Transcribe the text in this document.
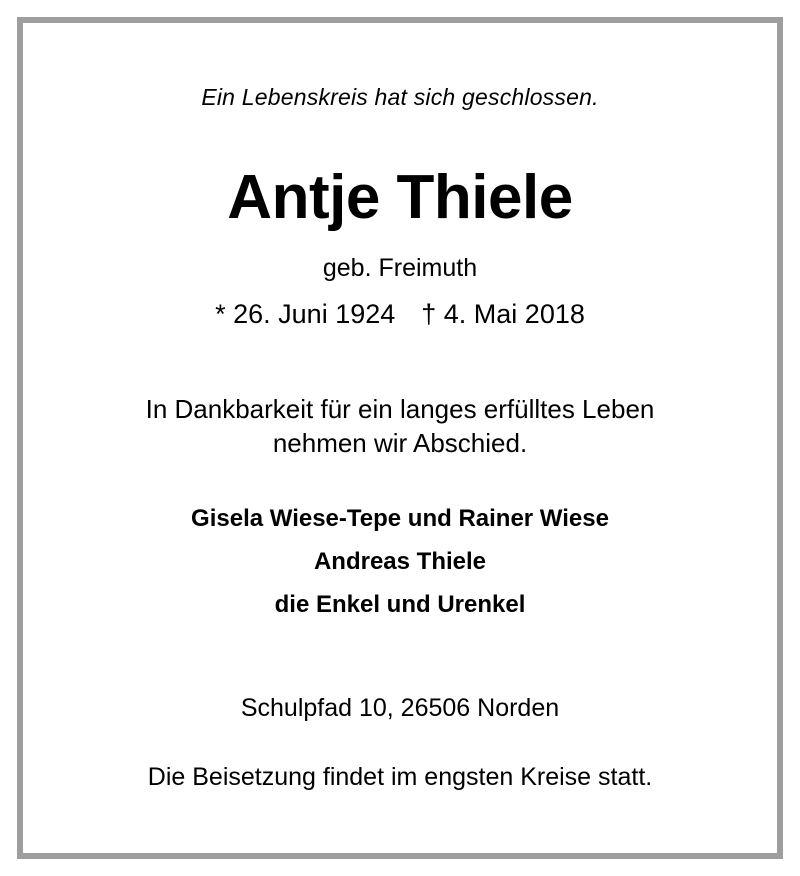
Ein Lebenskreis hat sich geschlossen.
Antje Thiele
geb. Freimuth
* 26. Juni 1924 † 4. Mai 2018
In Dankbarkeit für ein langes erfülltes Leben
nehmen wir Abschied.
Gisela Wiese-Tepe und Rainer Wiese
Andreas Thiele
die Enkel und Urenkel
Schulpfad 10, 26506 Norden
Die Beisetzung findet im engsten Kreise statt.
